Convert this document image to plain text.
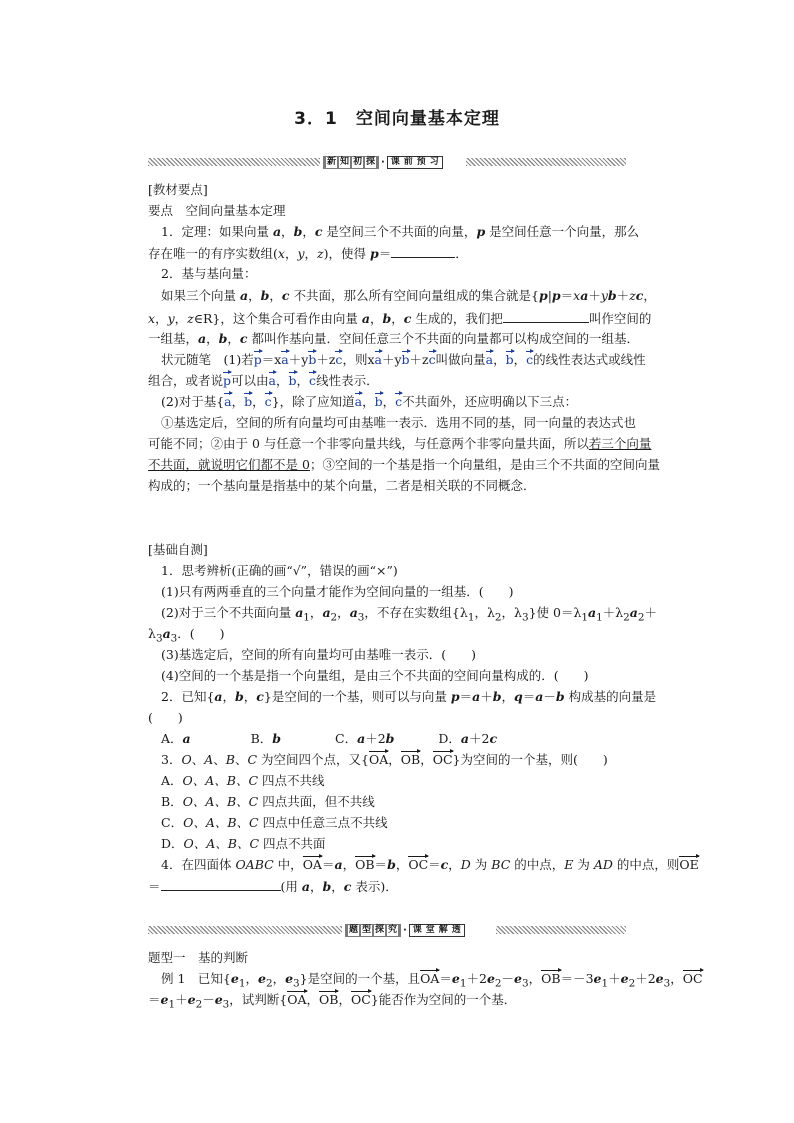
3．1　空间向量基本定理
新 知 初 探 · 课 前 预 习
[教材要点]
要点　空间向量基本定理
1．定理：如果向量 a，b，c 是空间三个不共面的向量，p 是空间任意一个向量，那么
存在唯一的有序实数组(x，y，z)，使得 p＝	．
2．基与基向量：
如果三个向量 a，b，c 不共面，那么所有空间向量组成的集合就是{p|p＝xa＋yb＋zc，
x，y，z∈R}，这个集合可看作由向量 a，b，c 生成的，我们把	叫作空间的
一组基，a，b，c 都叫作基向量．空间任意三个不共面的向量都可以构成空间的一组基．
状元随笔　(1)若p＝xa＋yb＋zc，则xa＋yb＋zc叫做向量a，b，c的线性表达式或线性
组合，或者说p可以由a，b，c线性表示．
(2)对于基{a，b，c}，除了应知道a，b，c不共面外，还应明确以下三点：
①基选定后，空间的所有向量均可由基唯一表示．选用不同的基，同一向量的表达式也
可能不同；②由于 0 与任意一个非零向量共线，与任意两个非零向量共面，所以若三个向量
不共面，就说明它们都不是 0；③空间的一个基是指一个向量组，是由三个不共面的空间向量
构成的；一个基向量是指基中的某个向量，二者是相关联的不同概念．
[基础自测]
1．思考辨析(正确的画“√”，错误的画“×”)
(1)只有两两垂直的三个向量才能作为空间向量的一组基．(　　)
(2)对于三个不共面向量 $a_1$，$a_2$，$a_3$，不存在实数组{$\lambda_1$，$\lambda_2$，$\lambda_3$}使 $0=\lambda_1a_1+\lambda_2a_2+$
$\lambda_3a_3$．(　　)
(3)基选定后，空间的所有向量均可由基唯一表示．(　　)
(4)空间的一个基是指一个向量组，是由三个不共面的空间向量构成的．(　　)
2．已知{a，b，c}是空间的一个基，则可以与向量 p＝a＋b，q＝a－b 构成基的向量是
(　　)
A．a	B．b	C．a＋2b	D．a＋2c
3．O、A、B、C 为空间四个点，又{OA，OB，OC}为空间的一个基，则(　　)
A．O、A、B、C 四点不共线
B．O、A、B、C 四点共面，但不共线
C．O、A、B、C 四点中任意三点不共线
D．O、A、B、C 四点不共面
4．在四面体 OABC 中，OA＝a，OB＝b，OC＝c，D 为 BC 的中点，E 为 AD 的中点，则OE
＝	(用 a，b，c 表示)．
题 型 探 究 · 课 堂 解 透
题型一　基的判断
例 1　已知{$e_1$，$e_2$，$e_3$}是空间的一个基，且$OA=e_1+2e_2-e_3$，$OB=-3e_1+e_2+2e_3$，OC
$=e_1+e_2-e_3$，试判断{OA，OB，OC}能否作为空间的一个基．
